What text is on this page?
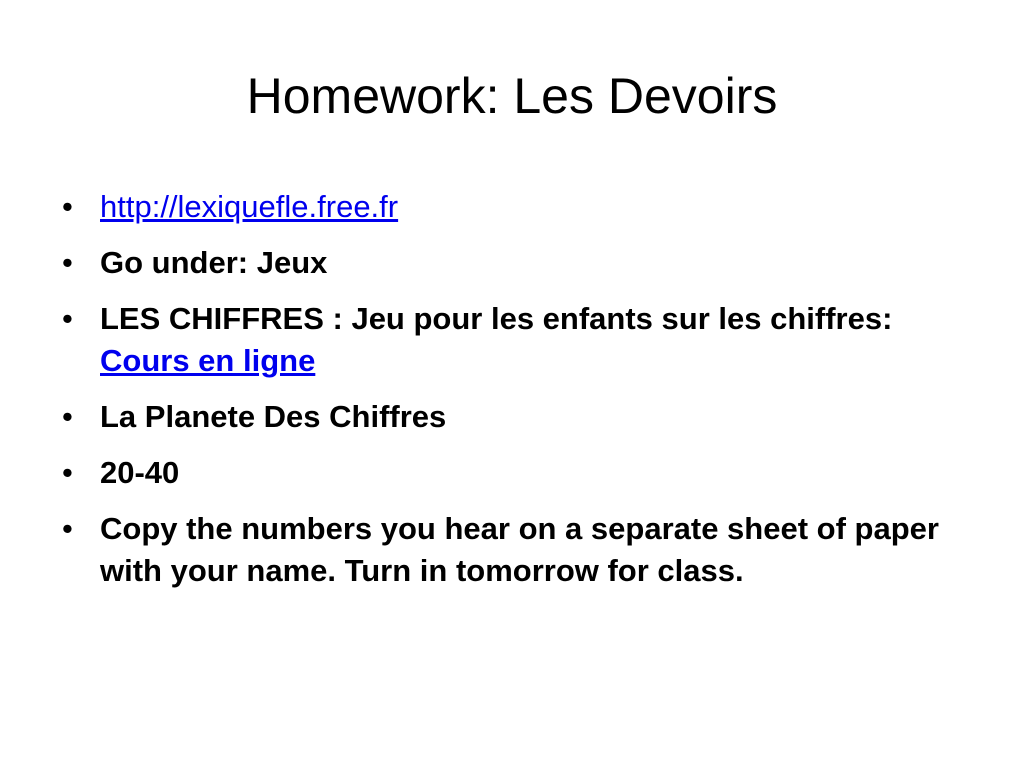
Homework: Les Devoirs
• http://lexiquefle.free.fr
• Go under: Jeux
• LES CHIFFRES : Jeu pour les enfants sur les chiffres: Cours en ligne
• La Planete Des Chiffres
• 20-40
• Copy the numbers you hear on a separate sheet of paper with your name. Turn in tomorrow for class.
